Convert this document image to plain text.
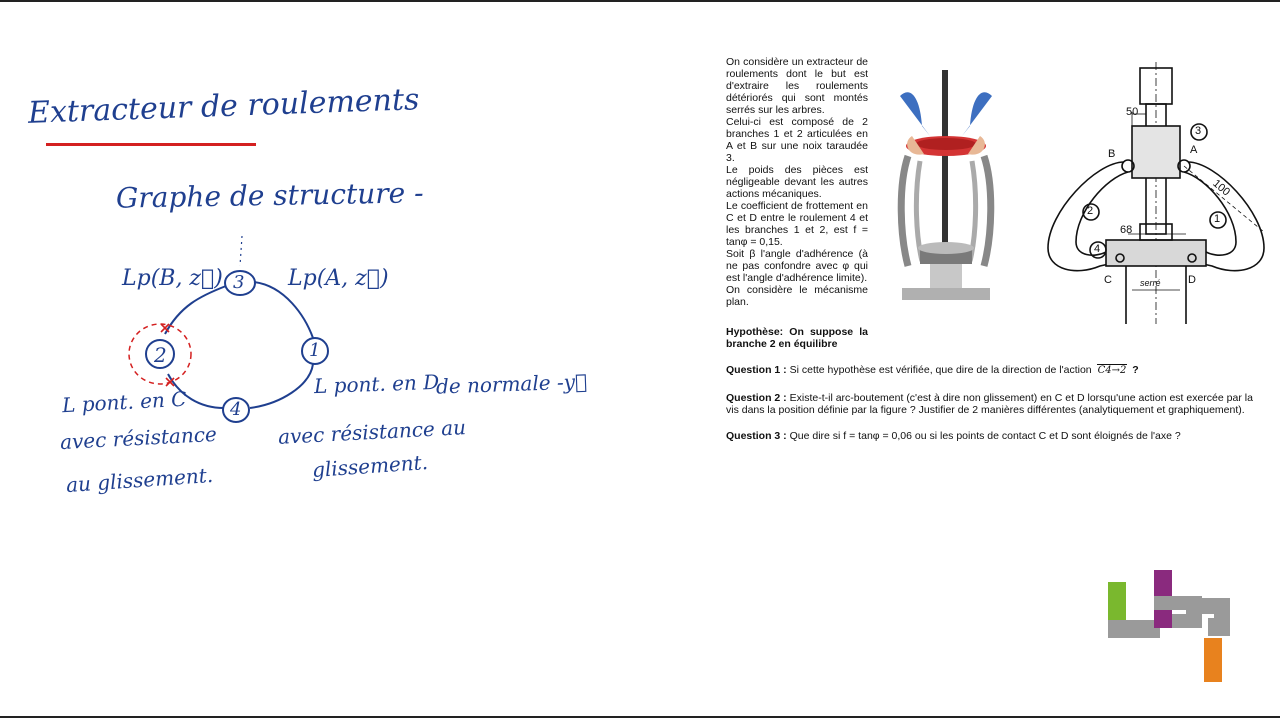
Extracteur de roulements
Graphe de structure -
3
2	1
4
Lp(B, z⃗)	Lp(A, z⃗)
L pont. en C
avec résistance
au glissement.
L pont. en D
de normale -y⃗
avec résistance au
glissement.
On considère un extracteur de roulements dont le but est d'extraire les roulements détériorés qui sont montés serrés sur les arbres.
Celui-ci est composé de 2 branches 1 et 2 articulées en A et B sur une noix taraudée 3.
Le poids des pièces est négligeable devant les autres actions mécaniques.
Le coefficient de frottement en C et D entre le roulement 4 et les branches 1 et 2, est f = tanφ = 0,15.
Soit β l'angle d'adhérence (à ne pas confondre avec φ qui est l'angle d'adhérence limite).
On considère le mécanisme plan.
Hypothèse: On suppose la branche 2 en équilibre
B	A
C	D
50
100
68
serré
3
2
1
4
Question 1 : Si cette hypothèse est vérifiée, que dire de la direction de l'action C4→2 ?
Question 2 : Existe-t-il arc-boutement (c'est à dire non glissement) en C et D lorsqu'une action est exercée par la vis dans la position définie par la figure ? Justifier de 2 manières différentes (analytiquement et graphiquement).
Question 3 : Que dire si f = tanφ = 0,06 ou si les points de contact C et D sont éloignés de l'axe ?
